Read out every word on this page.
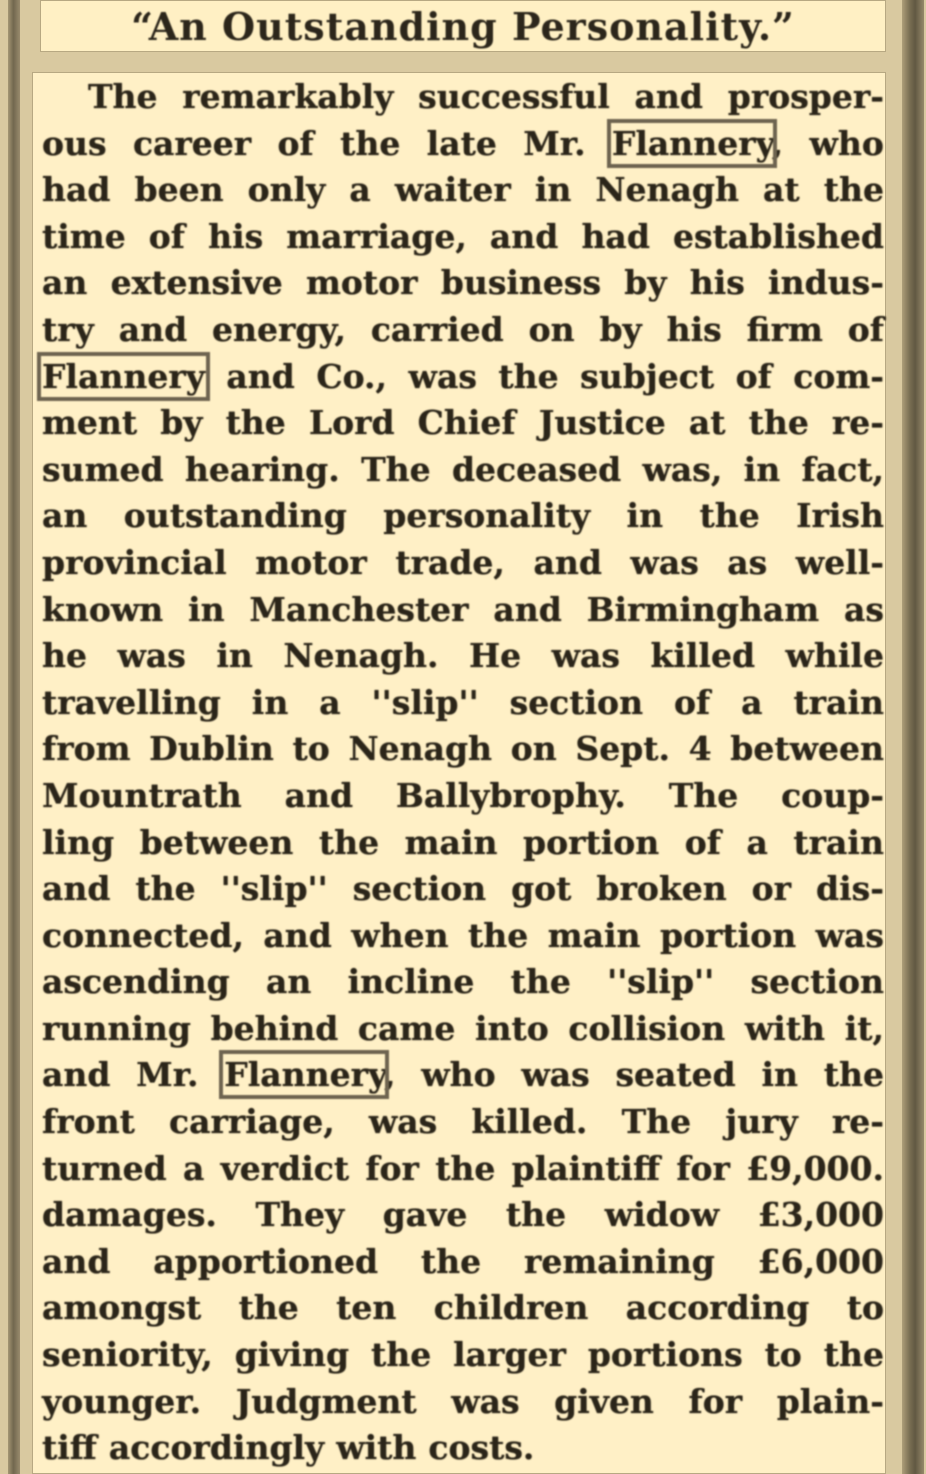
“An Outstanding Personality.”
The remarkably successful and prosper-
ous career of the late Mr. Flannery, who
had been only a waiter in Nenagh at the
time of his marriage, and had established
an extensive motor business by his indus-
try and energy, carried on by his firm of
Flannery and Co., was the subject of com-
ment by the Lord Chief Justice at the re-
sumed hearing. The deceased was, in fact,
an outstanding personality in the Irish
provincial motor trade, and was as well-
known in Manchester and Birmingham as
he was in Nenagh. He was killed while
travelling in a ''slip'' section of a train
from Dublin to Nenagh on Sept. 4 between
Mountrath and Ballybrophy. The coup-
ling between the main portion of a train
and the ''slip'' section got broken or dis-
connected, and when the main portion was
ascending an incline the ''slip'' section
running behind came into collision with it,
and Mr. Flannery, who was seated in the
front carriage, was killed. The jury re-
turned a verdict for the plaintiff for £9,000.
damages. They gave the widow £3,000
and apportioned the remaining £6,000
amongst the ten children according to
seniority, giving the larger portions to the
younger. Judgment was given for plain-
tiff accordingly with costs.
